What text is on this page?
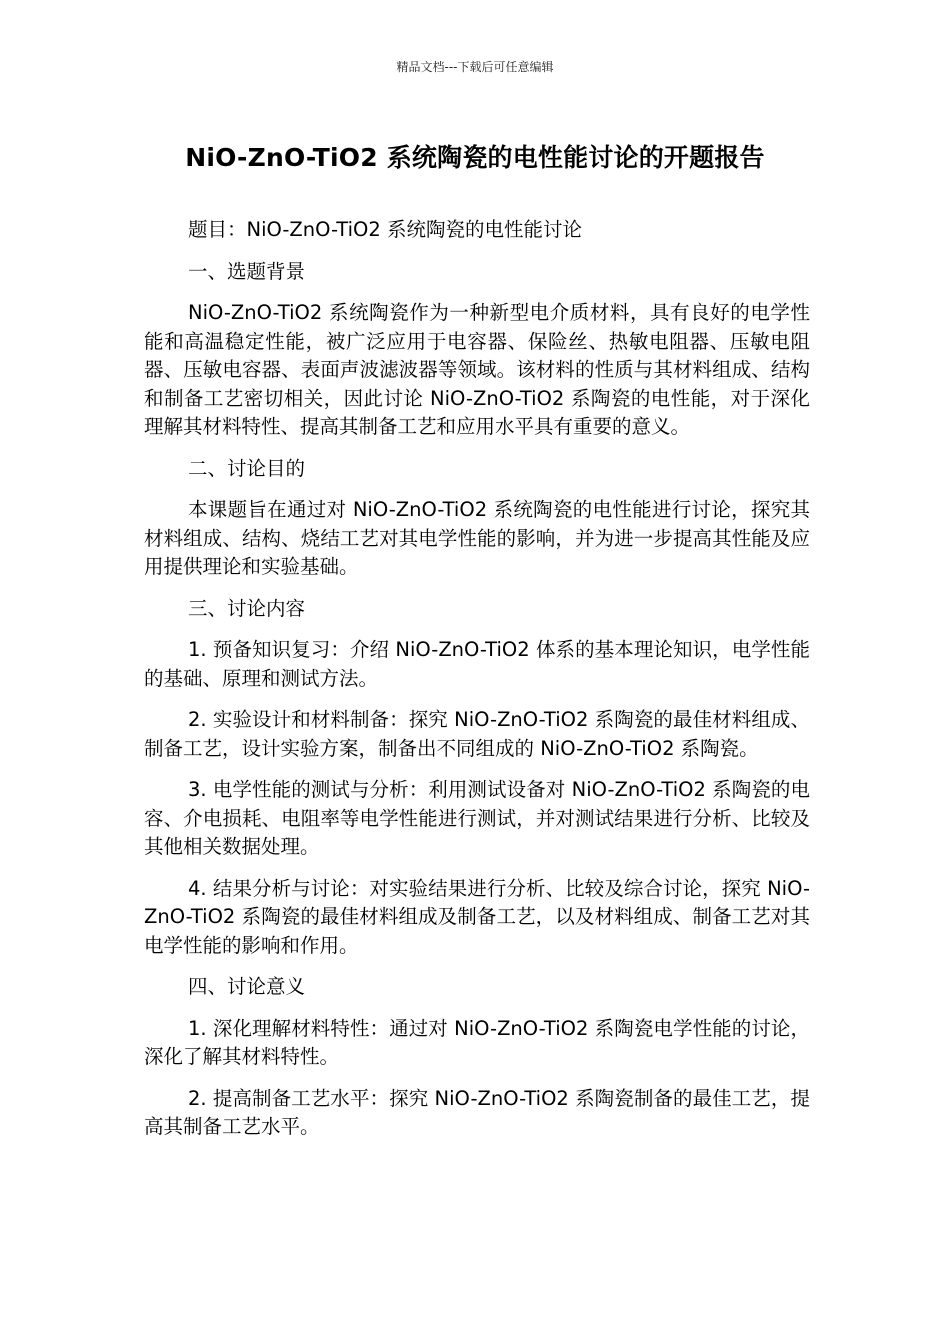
精品文档---下载后可任意编辑
NiO-ZnO-TiO2 系统陶瓷的电性能讨论的开题报告

题目：NiO-ZnO-TiO2 系统陶瓷的电性能讨论

一、选题背景

NiO-ZnO-TiO2 系统陶瓷作为一种新型电介质材料，具有良好的电学性能和高温稳定性能，被广泛应用于电容器、保险丝、热敏电阻器、压敏电阻器、压敏电容器、表面声波滤波器等领域。该材料的性质与其材料组成、结构和制备工艺密切相关，因此讨论 NiO-ZnO-TiO2 系陶瓷的电性能，对于深化理解其材料特性、提高其制备工艺和应用水平具有重要的意义。

二、讨论目的

本课题旨在通过对 NiO-ZnO-TiO2 系统陶瓷的电性能进行讨论，探究其材料组成、结构、烧结工艺对其电学性能的影响，并为进一步提高其性能及应用提供理论和实验基础。

三、讨论内容

1. 预备知识复习：介绍 NiO-ZnO-TiO2 体系的基本理论知识，电学性能的基础、原理和测试方法。

2. 实验设计和材料制备：探究 NiO-ZnO-TiO2 系陶瓷的最佳材料组成、制备工艺，设计实验方案，制备出不同组成的 NiO-ZnO-TiO2 系陶瓷。

3. 电学性能的测试与分析：利用测试设备对 NiO-ZnO-TiO2 系陶瓷的电容、介电损耗、电阻率等电学性能进行测试，并对测试结果进行分析、比较及其他相关数据处理。

4. 结果分析与讨论：对实验结果进行分析、比较及综合讨论，探究 NiO-ZnO-TiO2 系陶瓷的最佳材料组成及制备工艺，以及材料组成、制备工艺对其电学性能的影响和作用。

四、讨论意义

1. 深化理解材料特性：通过对 NiO-ZnO-TiO2 系陶瓷电学性能的讨论，深化了解其材料特性。

2. 提高制备工艺水平：探究 NiO-ZnO-TiO2 系陶瓷制备的最佳工艺，提高其制备工艺水平。
